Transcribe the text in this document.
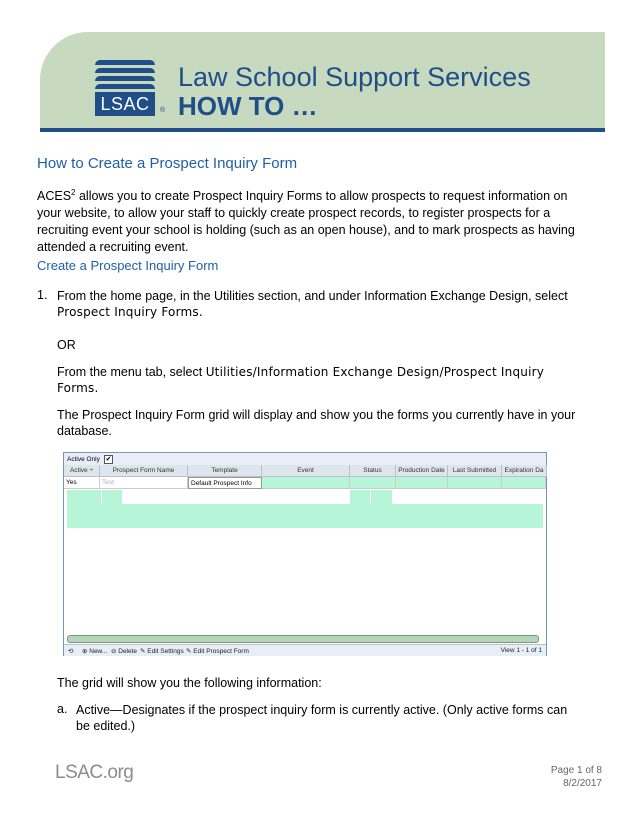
LSAC	®
Law School Support Services
HOW TO …
How to Create a Prospect Inquiry Form
ACES$^2$ allows you to create Prospect Inquiry Forms to allow prospects to request information on
your website, to allow your staff to quickly create prospect records, to register prospects for a
recruiting event your school is holding (such as an open house), and to mark prospects as having
attended a recruiting event.
Create a Prospect Inquiry Form
1. From the home page, in the Utilities section, and under Information Exchange Design, select
Prospect Inquiry Forms.
OR
From the menu tab, select Utilities/Information Exchange Design/Prospect Inquiry
Forms.
The Prospect Inquiry Form grid will display and show you the forms you currently have in your
database.
Active Only ✔
Active ÷	Prospect Form Name	Template	Event	Status	Production Date	Last Submitted	Expiration Da
Yes	Test	Default Prospect Info
⟲ ⊕ New... ⊖ Delete ✎ Edit Settings ✎ Edit Prospect Form	View 1 - 1 of 1
The grid will show you the following information:
a. Active—Designates if the prospect inquiry form is currently active. (Only active forms can
be edited.)
LSAC.org	Page 1 of 8
8/2/2017
